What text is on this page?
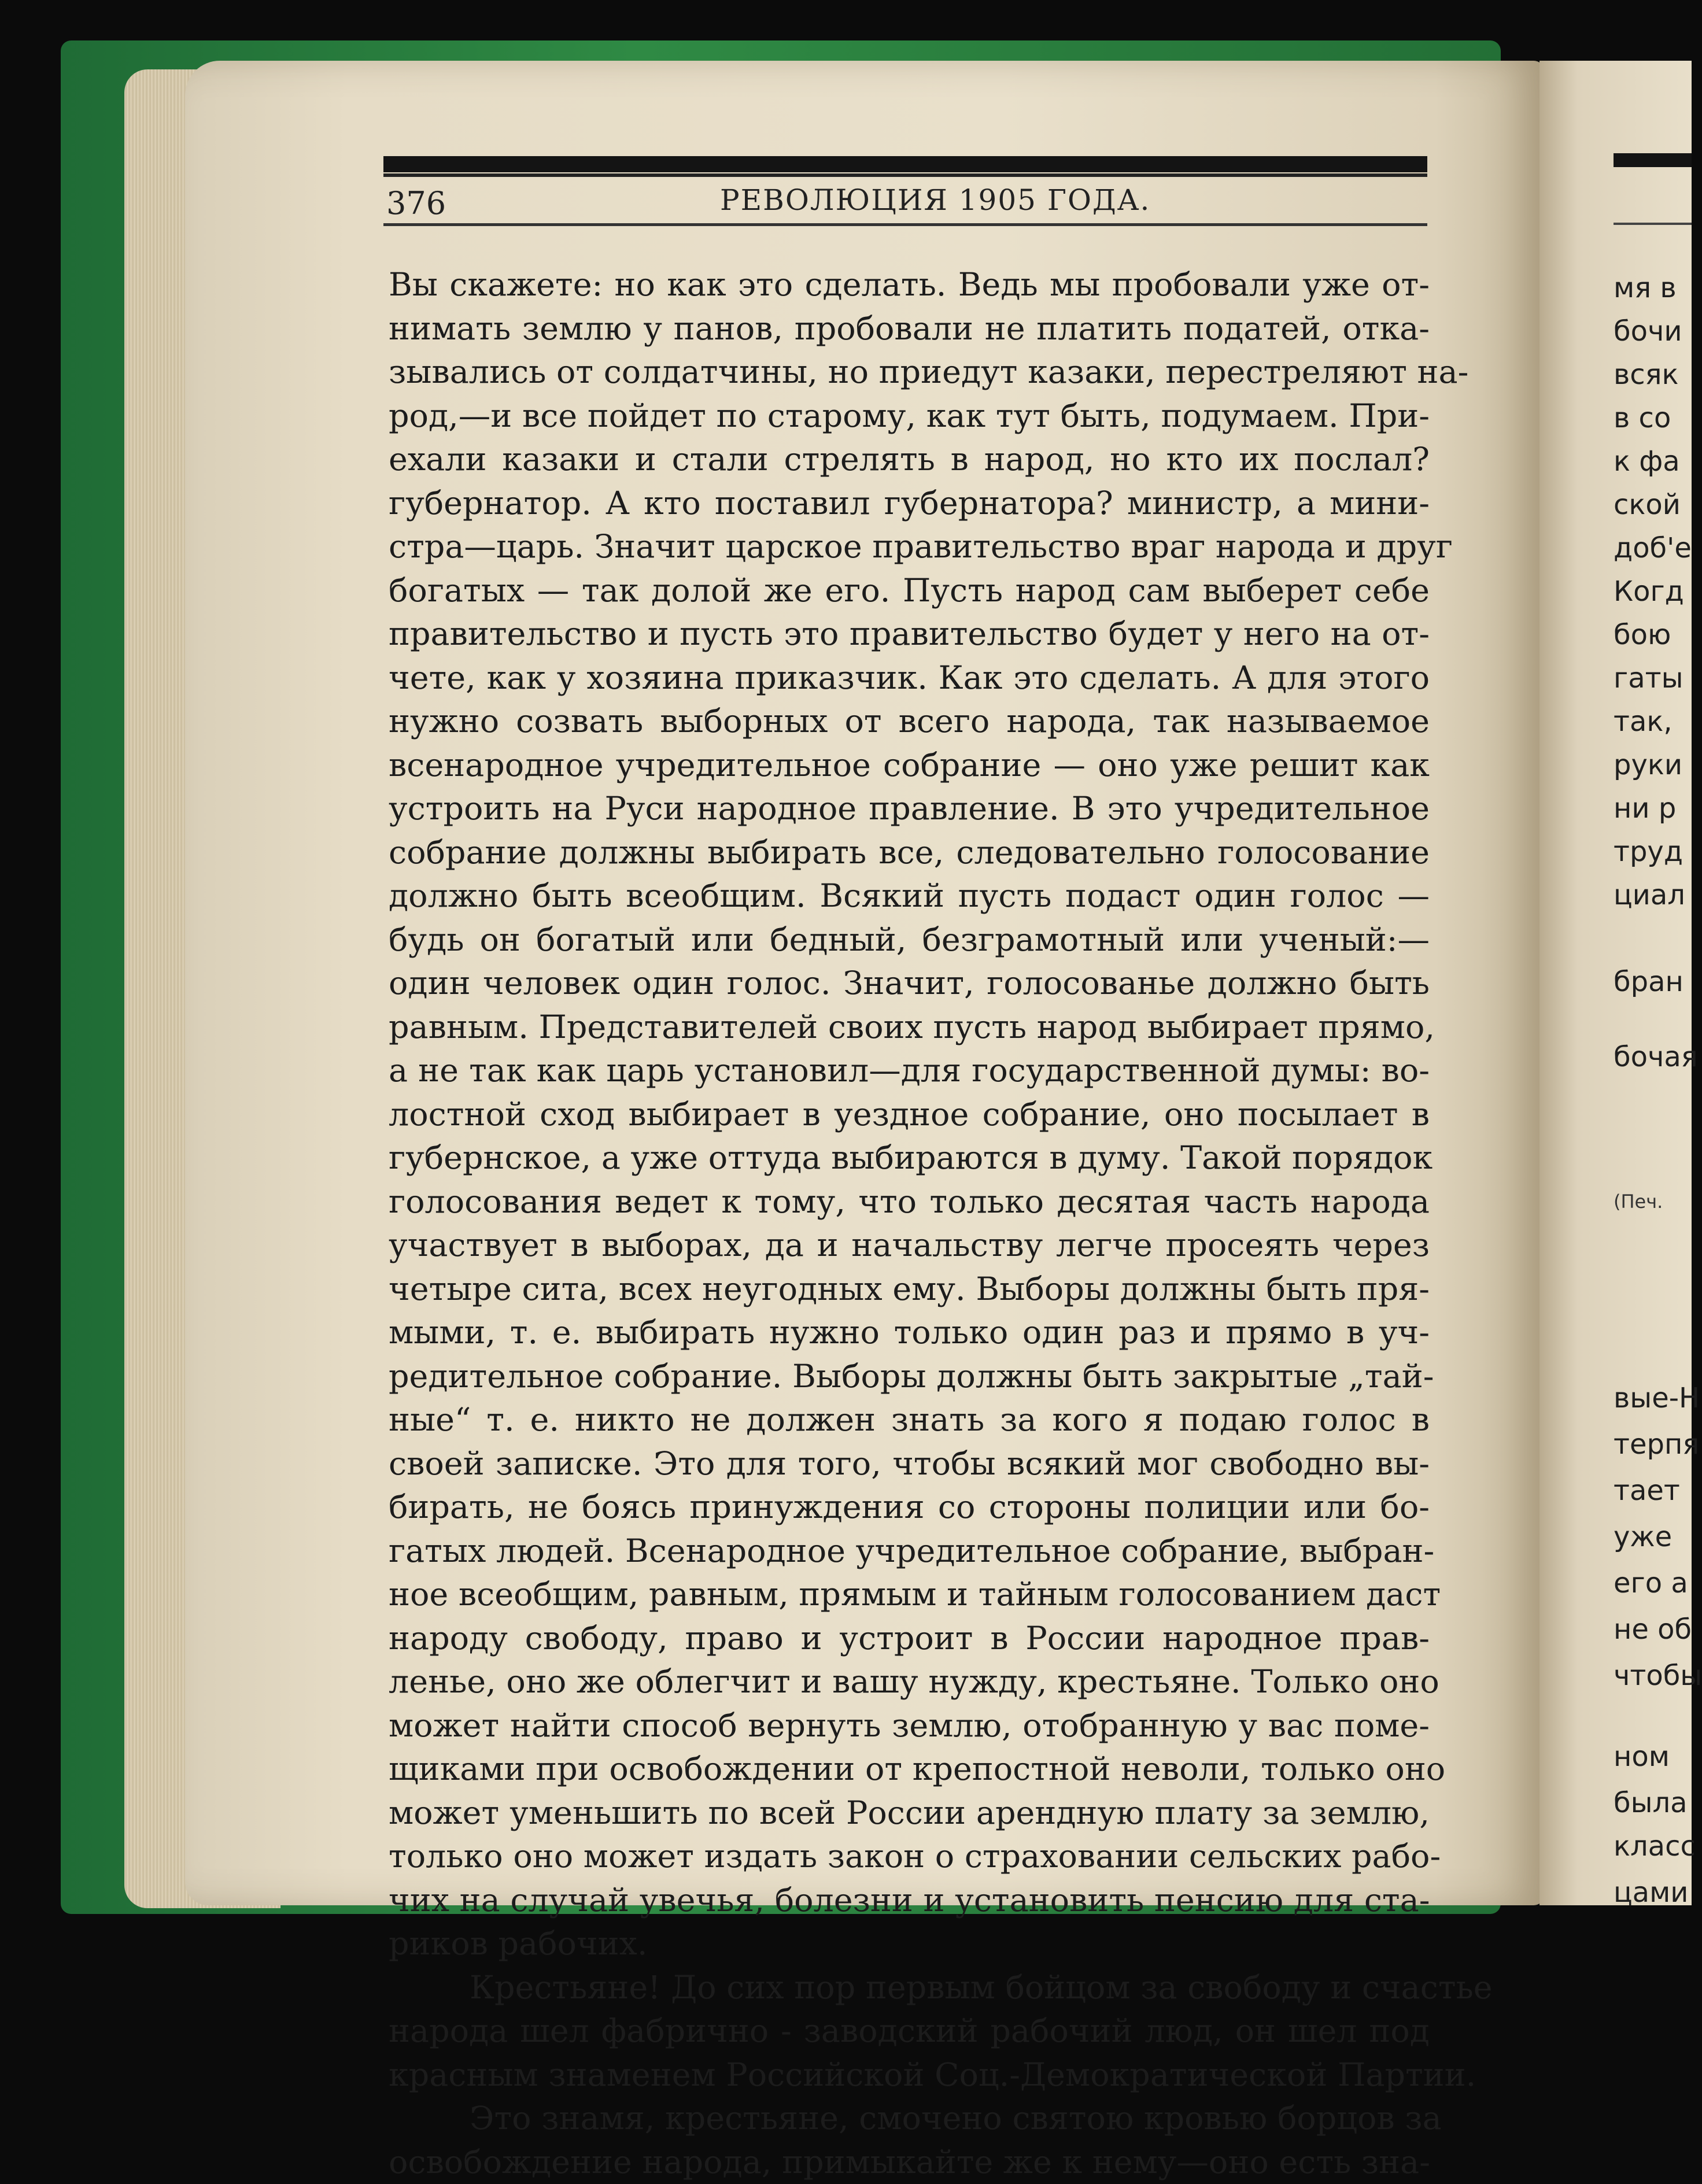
376	РЕВОЛЮЦИЯ 1905 ГОДА.
Вы скажете: но как это сделать. Ведь мы пробовали уже от-
нимать землю у панов, пробовали не платить податей, отка-
зывались от солдатчины, но приедут казаки, перестреляют на-
род,—и все пойдет по старому, как тут быть, подумаем. При-
ехали казаки и стали стрелять в народ, но кто их послал?
губернатор. А кто поставил губернатора? министр, а мини-
стра—царь. Значит царское правительство враг народа и друг
богатых — так долой же его. Пусть народ сам выберет себе
правительство и пусть это правительство будет у него на от-
чете, как у хозяина приказчик. Как это сделать. А для этого
нужно созвать выборных от всего народа, так называемое
всенародное учредительное собрание — оно уже решит как
устроить на Руси народное правление. В это учредительное
собрание должны выбирать все, следовательно голосование
должно быть всеобщим. Всякий пусть подаст один голос —
будь он богатый или бедный, безграмотный или ученый:—
один человек один голос. Значит, голосованье должно быть
равным. Представителей своих пусть народ выбирает прямо,
а не так как царь установил—для государственной думы: во-
лостной сход выбирает в уездное собрание, оно посылает в
губернское, а уже оттуда выбираются в думу. Такой порядок
голосования ведет к тому, что только десятая часть народа
участвует в выборах, да и начальству легче просеять через
четыре сита, всех неугодных ему. Выборы должны быть пря-
мыми, т. е. выбирать нужно только один раз и прямо в уч-
редительное собрание. Выборы должны быть закрытые „тай-
ные“ т. е. никто не должен знать за кого я подаю голос в
своей записке. Это для того, чтобы всякий мог свободно вы-
бирать, не боясь принуждения со стороны полиции или бо-
гатых людей. Всенародное учредительное собрание, выбран-
ное всеобщим, равным, прямым и тайным голосованием даст
народу свободу, право и устроит в России народное прав-
ленье, оно же облегчит и вашу нужду, крестьяне. Только оно
может найти способ вернуть землю, отобранную у вас поме-
щиками при освобождении от крепостной неволи, только оно
может уменьшить по всей России арендную плату за землю,
только оно может издать закон о страховании сельских рабо-
чих на случай увечья, болезни и установить пенсию для ста-
риков рабочих.
Крестьяне! До сих пор первым бойцом за свободу и счастье
народа шел фабрично - заводский рабочий люд, он шел под
красным знаменем Российской Соц.-Демократической Партии.
Это знамя, крестьяне, смочено святою кровью борцов за
освобождение народа, примыкайте же к нему—оно есть зна-
мя в
бочи
всяк
в со
к фа
ской
доб'е
Когд
бою
гаты
так,
руки
ни р
труд
циал
бран
бочая
(Печ.
вые-Н
терпя
тает
уже
его а
не об
чтобы
ном
была
класс
цами
